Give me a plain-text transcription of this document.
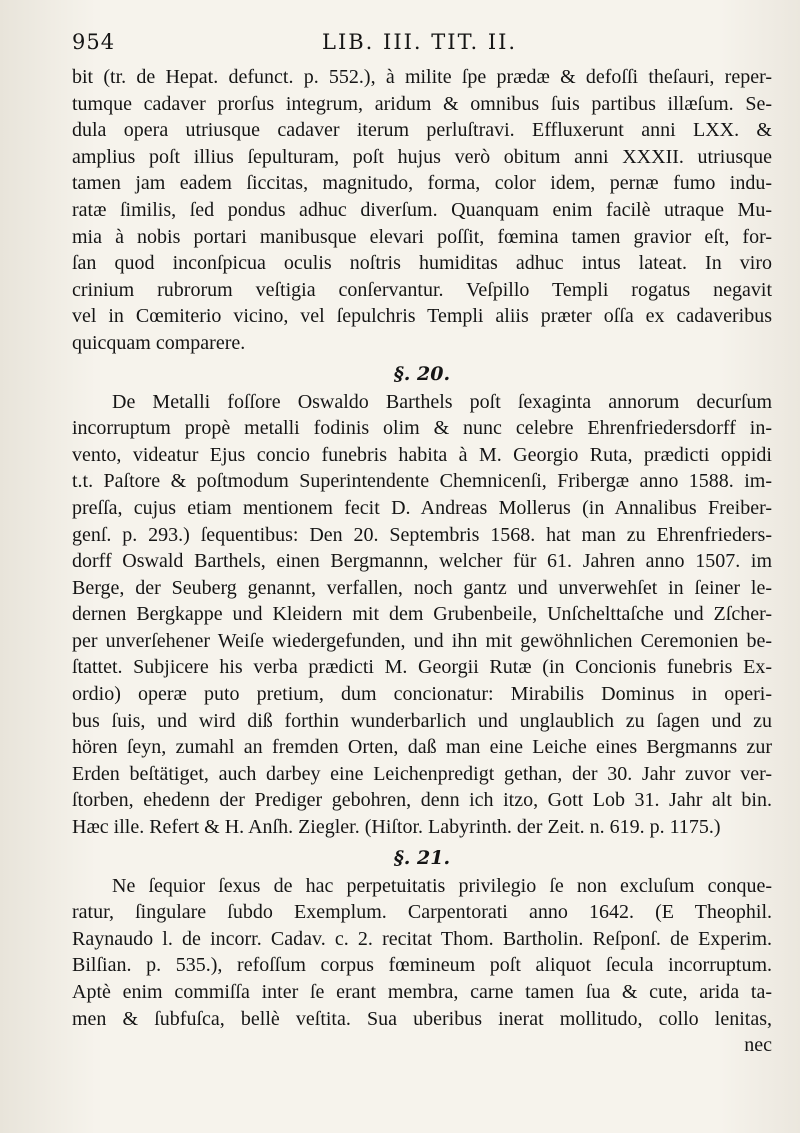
954	LIB. III. TIT. II.
bit (tr. de Hepat. defunct. p. 552.), à milite ſpe prædæ & defoſſi theſauri, reper-
tumque cadaver prorſus integrum, aridum & omnibus ſuis partibus illæſum. Se-
dula opera utriusque cadaver iterum perluſtravi. Effluxerunt anni LXX. &
amplius poſt illius ſepulturam, poſt hujus verò obitum anni XXXII. utriusque
tamen jam eadem ſiccitas, magnitudo, forma, color idem, pernæ fumo indu-
ratæ ſimilis, ſed pondus adhuc diverſum. Quanquam enim facilè utraque Mu-
mia à nobis portari manibusque elevari poſſit, fœmina tamen gravior eſt, for-
ſan quod inconſpicua oculis noſtris humiditas adhuc intus lateat. In viro
crinium rubrorum veſtigia conſervantur. Veſpillo Templi rogatus negavit
vel in Cœmiterio vicino, vel ſepulchris Templi aliis præter oſſa ex cadaveribus
quicquam comparere.
§. 20.
De Metalli foſſore Oswaldo Barthels poſt ſexaginta annorum decurſum
incorruptum propè metalli fodinis olim & nunc celebre Ehrenfriedersdorff in-
vento, videatur Ejus concio funebris habita à M. Georgio Ruta, prædicti oppidi
t.t. Paſtore & poſtmodum Superintendente Chemnicenſi, Fribergæ anno 1588. im-
preſſa, cujus etiam mentionem fecit D. Andreas Mollerus (in Annalibus Freiber-
genſ. p. 293.) ſequentibus: Den 20. Septembris 1568. hat man zu Ehrenfrieders-
dorff Oswald Barthels, einen Bergmannn, welcher für 61. Jahren anno 1507. im
Berge, der Seuberg genannt, verfallen, noch gantz und unverwehſet in ſeiner le-
dernen Bergkappe und Kleidern mit dem Grubenbeile, Unſchelttaſche und Zſcher-
per unverſehener Weiſe wiedergefunden, und ihn mit gewöhnlichen Ceremonien be-
ſtattet. Subjicere his verba prædicti M. Georgii Rutæ (in Concionis funebris Ex-
ordio) operæ puto pretium, dum concionatur: Mirabilis Dominus in operi-
bus ſuis, und wird diß forthin wunderbarlich und unglaublich zu ſagen und zu
hören ſeyn, zumahl an fremden Orten, daß man eine Leiche eines Bergmanns zur
Erden beſtätiget, auch darbey eine Leichenpredigt gethan, der 30. Jahr zuvor ver-
ſtorben, ehedenn der Prediger gebohren, denn ich itzo, Gott Lob 31. Jahr alt bin.
Hæc ille. Refert & H. Anſh. Ziegler. (Hiſtor. Labyrinth. der Zeit. n. 619. p. 1175.)
§. 21.
Ne ſequior ſexus de hac perpetuitatis privilegio ſe non excluſum conque-
ratur, ſingulare ſubdo Exemplum. Carpentorati anno 1642. (E Theophil.
Raynaudo l. de incorr. Cadav. c. 2. recitat Thom. Bartholin. Reſponſ. de Experim.
Bilſian. p. 535.), refoſſum corpus fœmineum poſt aliquot ſecula incorruptum.
Aptè enim commiſſa inter ſe erant membra, carne tamen ſua & cute, arida ta-
men & ſubfuſca, bellè veſtita. Sua uberibus inerat mollitudo, collo lenitas,
nec
